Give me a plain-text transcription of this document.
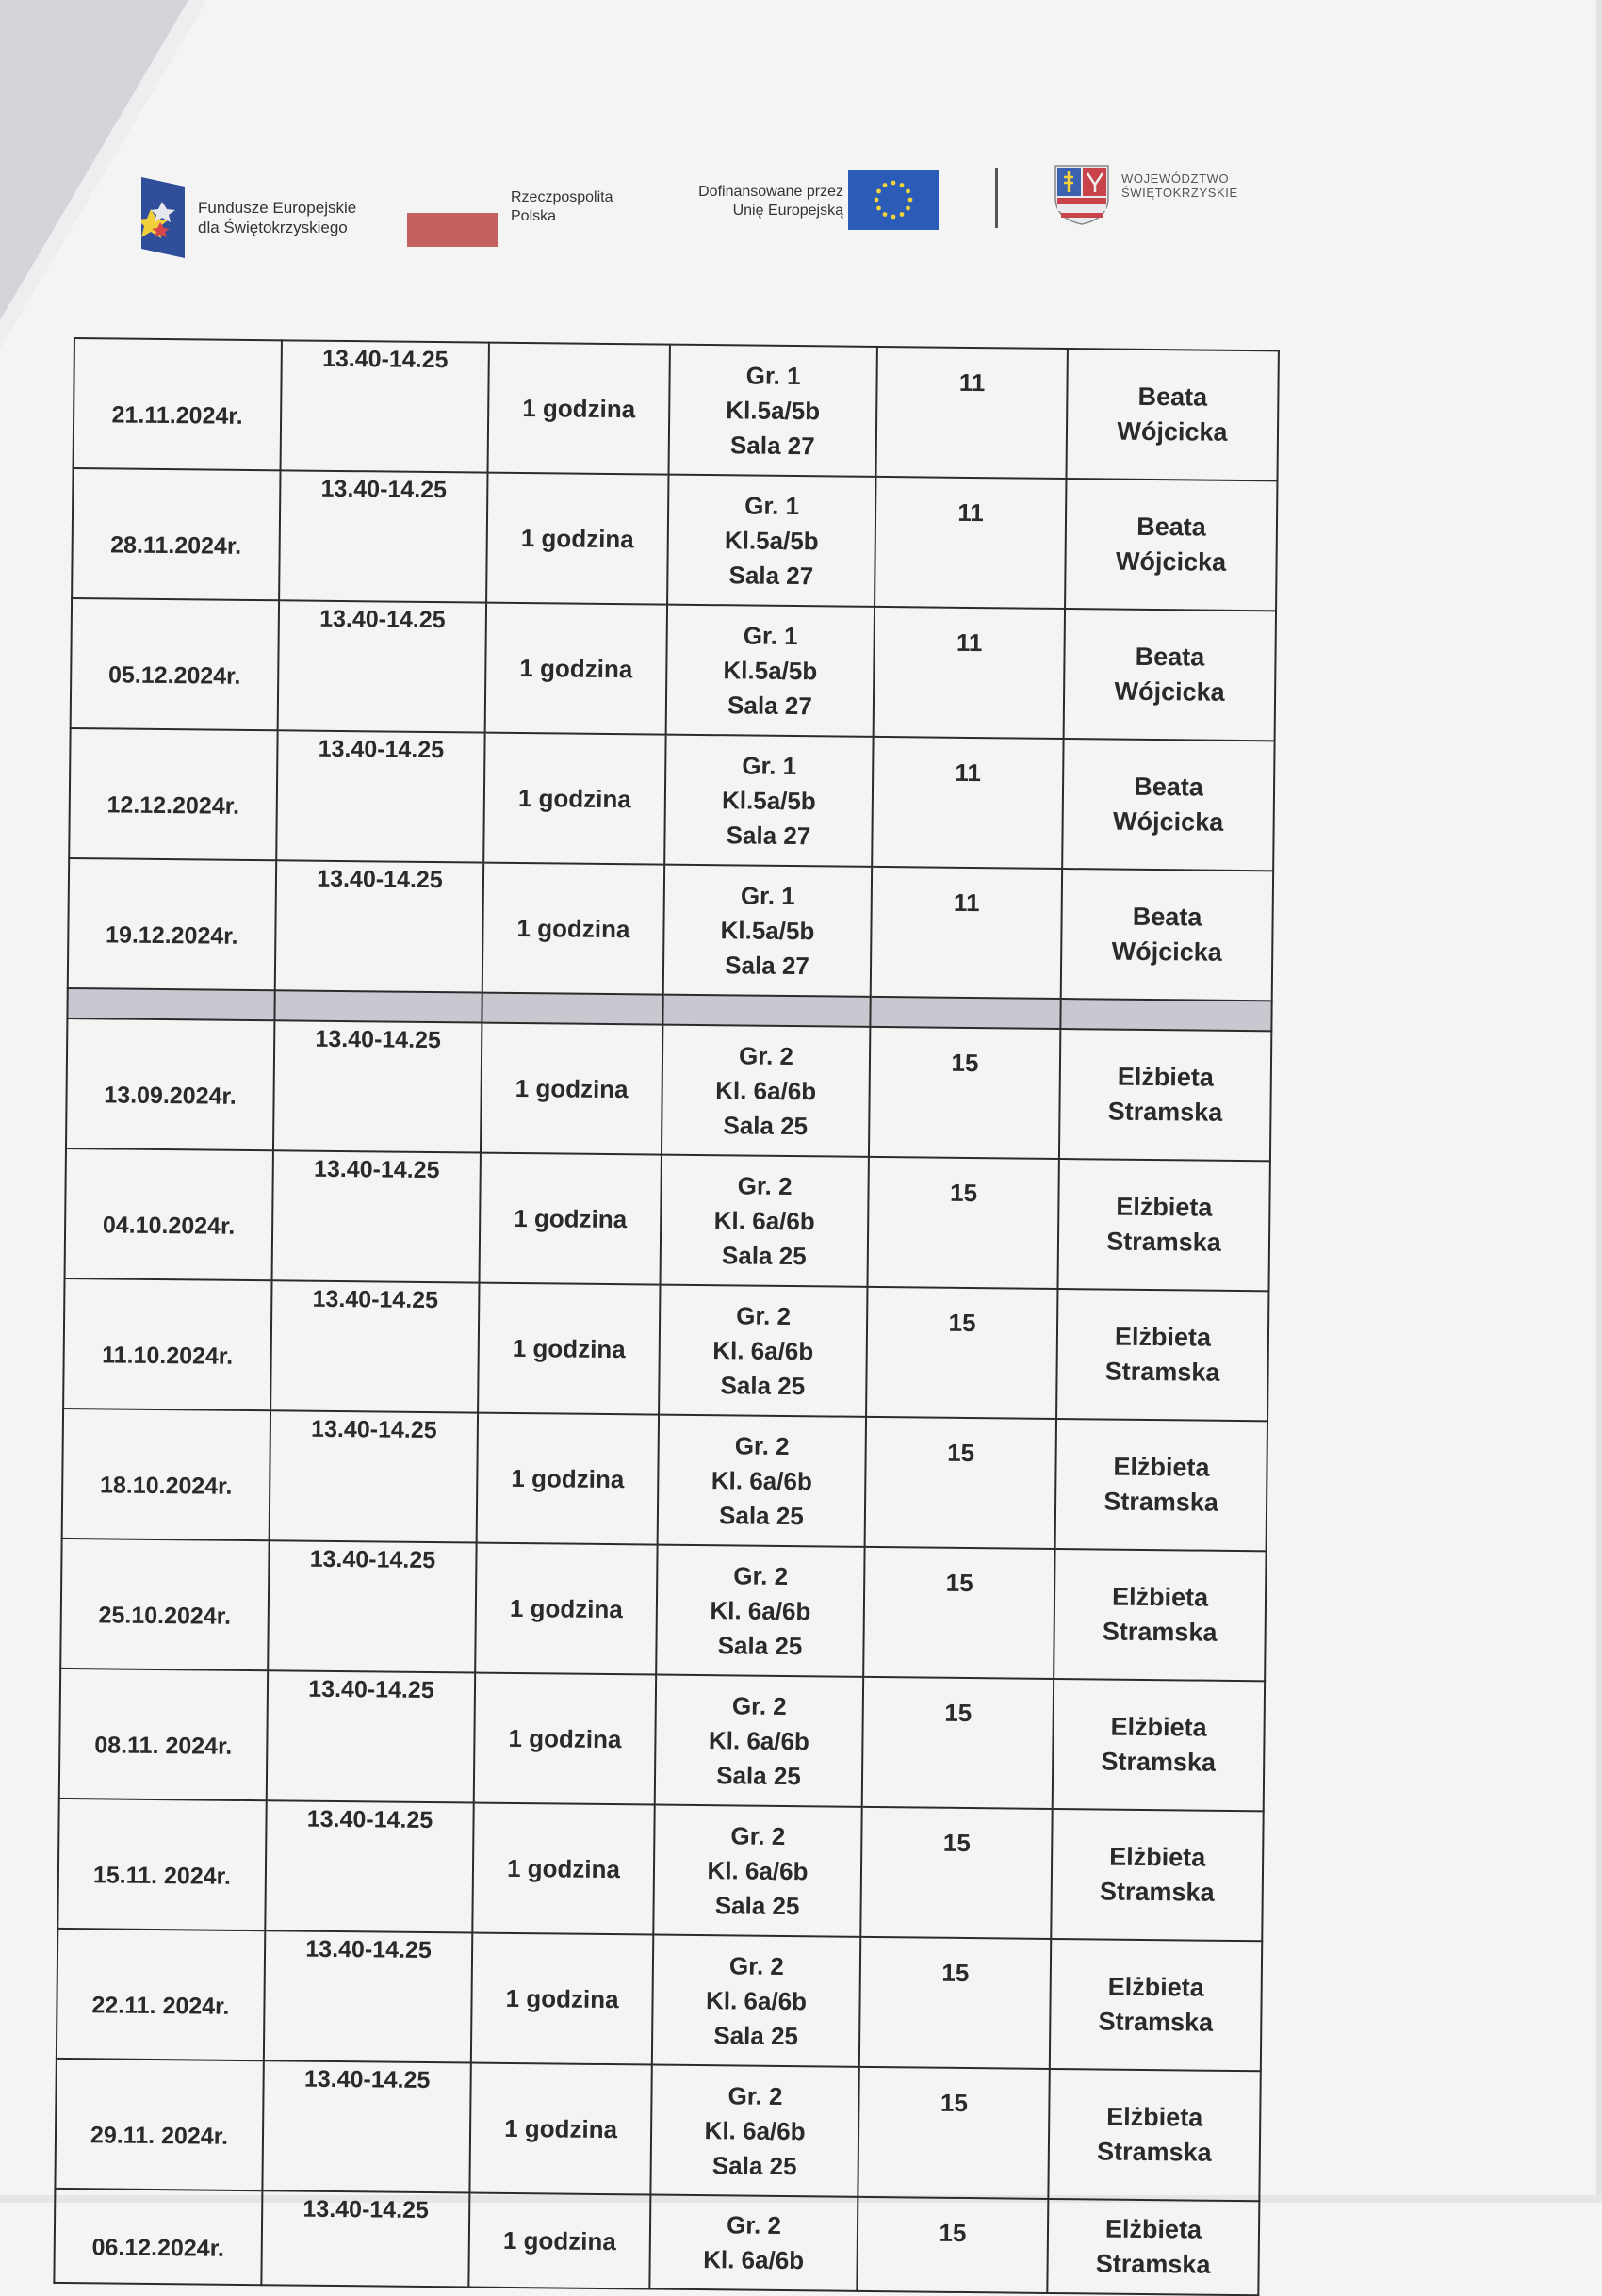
Fundusze Europejskie
dla Świętokrzyskiego
Rzeczpospolita
Polska
Dofinansowane przez
Unię Europejską
WOJEWÓDZTWO
ŚWIĘTOKRZYSKIE
21.11.2024r.	13.40-14.25	1 godzina	Gr. 1
Kl.5a/5b
Sala 27	11	Beata
Wójcicka

28.11.2024r.	13.40-14.25	1 godzina	Gr. 1
Kl.5a/5b
Sala 27	11	Beata
Wójcicka

05.12.2024r.	13.40-14.25	1 godzina	Gr. 1
Kl.5a/5b
Sala 27	11	Beata
Wójcicka

12.12.2024r.	13.40-14.25	1 godzina	Gr. 1
Kl.5a/5b
Sala 27	11	Beata
Wójcicka

19.12.2024r.	13.40-14.25	1 godzina	Gr. 1
Kl.5a/5b
Sala 27	11	Beata
Wójcicka

13.09.2024r.	13.40-14.25	1 godzina	Gr. 2
Kl. 6a/6b
Sala 25	15	Elżbieta
Stramska

04.10.2024r.	13.40-14.25	1 godzina	Gr. 2
Kl. 6a/6b
Sala 25	15	Elżbieta
Stramska

11.10.2024r.	13.40-14.25	1 godzina	Gr. 2
Kl. 6a/6b
Sala 25	15	Elżbieta
Stramska

18.10.2024r.	13.40-14.25	1 godzina	Gr. 2
Kl. 6a/6b
Sala 25	15	Elżbieta
Stramska

25.10.2024r.	13.40-14.25	1 godzina	Gr. 2
Kl. 6a/6b
Sala 25	15	Elżbieta
Stramska

08.11. 2024r.	13.40-14.25	1 godzina	Gr. 2
Kl. 6a/6b
Sala 25	15	Elżbieta
Stramska

15.11. 2024r.	13.40-14.25	1 godzina	Gr. 2
Kl. 6a/6b
Sala 25	15	Elżbieta
Stramska

22.11. 2024r.	13.40-14.25	1 godzina	Gr. 2
Kl. 6a/6b
Sala 25	15	Elżbieta
Stramska

29.11. 2024r.	13.40-14.25	1 godzina	Gr. 2
Kl. 6a/6b
Sala 25	15	Elżbieta
Stramska

06.12.2024r.	13.40-14.25	1 godzina	Gr. 2
Kl. 6a/6b	15	Elżbieta
Stramska
